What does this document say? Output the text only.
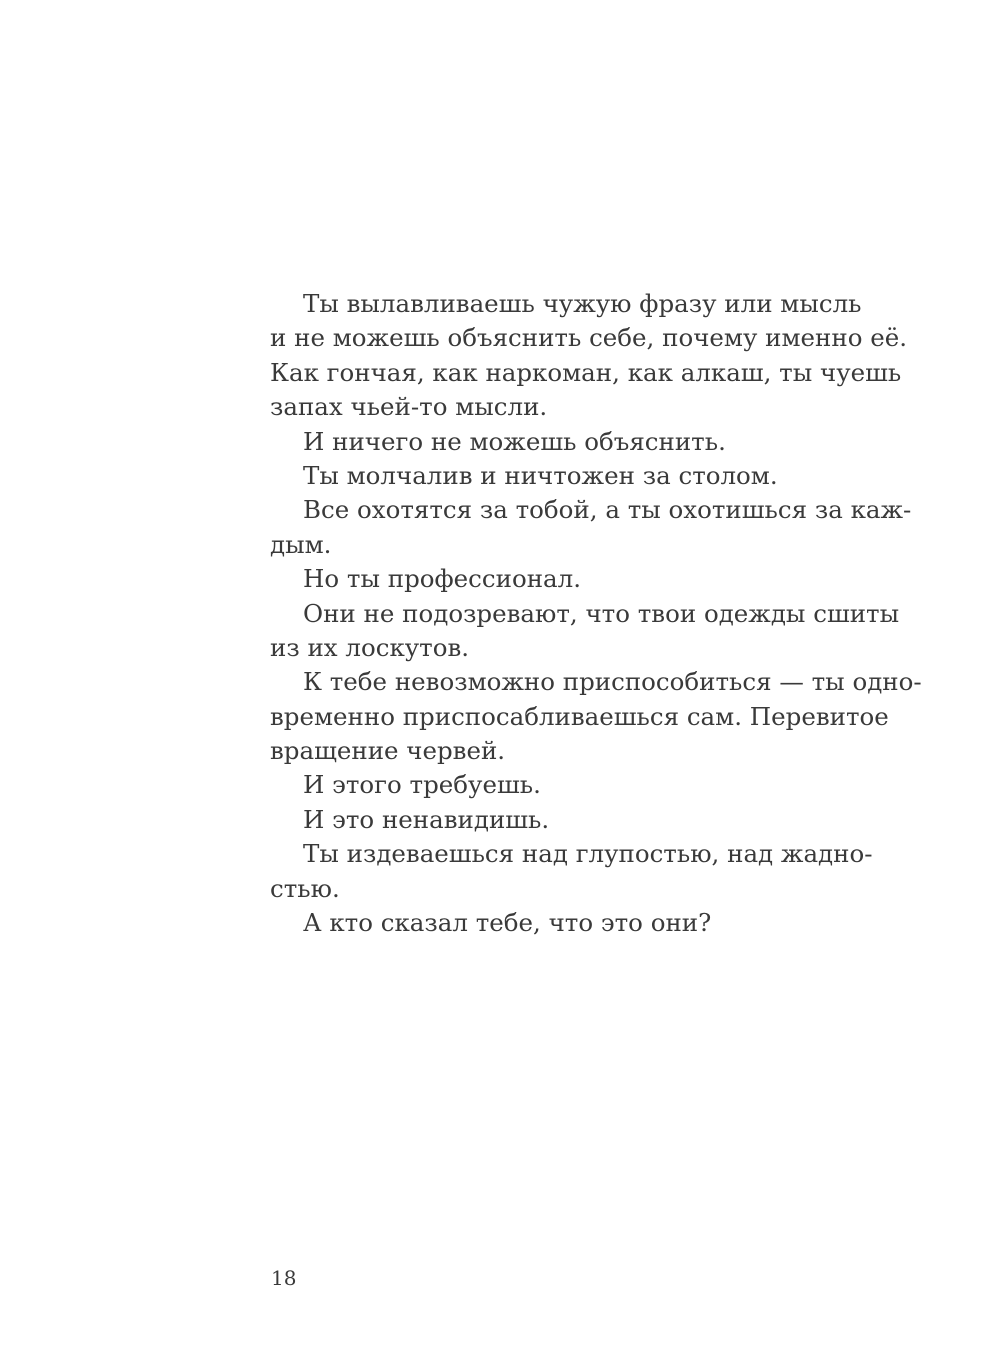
Ты вылавливаешь чужую фразу или мысль
и не можешь объяснить себе, почему именно её.
Как гончая, как наркоман, как алкаш, ты чуешь
запах чьей-то мысли.
И ничего не можешь объяснить.
Ты молчалив и ничтожен за столом.
Все охотятся за тобой, а ты охотишься за каж-
дым.
Но ты профессионал.
Они не подозревают, что твои одежды сшиты
из их лоскутов.
К тебе невозможно приспособиться — ты одно-
временно приспосабливаешься сам. Перевитое
вращение червей.
И этого требуешь.
И это ненавидишь.
Ты издеваешься над глупостью, над жадно-
стью.
А кто сказал тебе, что это они?
18
